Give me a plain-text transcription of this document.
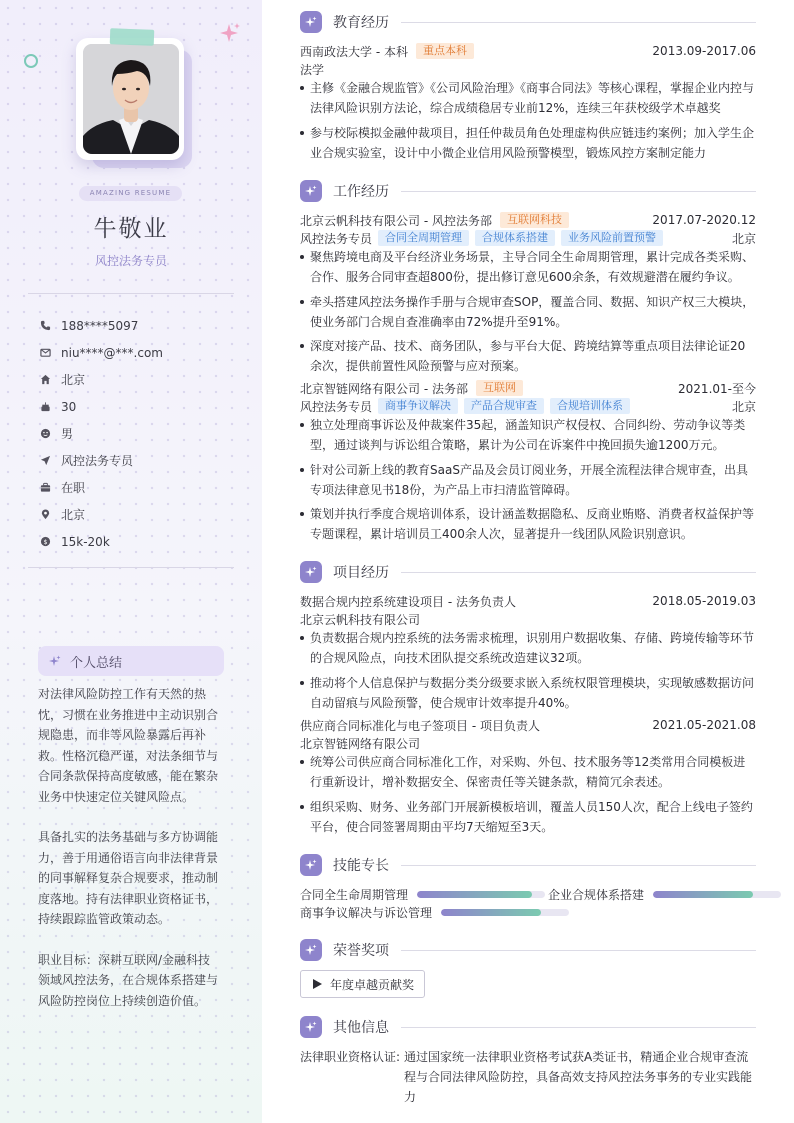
AMAZING RESUME
牛敬业
风控法务专员
188****5097
niu****@***.com
北京
30
男
风控法务专员
在职
北京
$ 15k-20k
个人总结

对法律风险防控工作有天然的热忱，习惯在业务推进中主动识别合规隐患，而非等风险暴露后再补救。性格沉稳严谨，对法条细节与合同条款保持高度敏感，能在繁杂业务中快速定位关键风险点。

具备扎实的法务基础与多方协调能力，善于用通俗语言向非法律背景的同事解释复杂合规要求，推动制度落地。持有法律职业资格证书，持续跟踪监管政策动态。

职业目标：深耕互联网/金融科技领域风控法务，在合规体系搭建与风险防控岗位上持续创造价值。

教育经历
西南政法大学 - 本科	重点本科	2013.09-2017.06
法学
主修《金融合规监管》《公司风险治理》《商事合同法》等核心课程，掌握企业内控与法律风险识别方法论，综合成绩稳居专业前12%，连续三年获校级学术卓越奖
参与校际模拟金融仲裁项目，担任仲裁员角色处理虚构供应链违约案例；加入学生企业合规实验室，设计中小微企业信用风险预警模型，锻炼风控方案制定能力
工作经历
北京云帆科技有限公司 - 风控法务部	互联网科技	2017.07-2020.12
风控法务专员	合同全周期管理	合规体系搭建	业务风险前置预警	北京
聚焦跨境电商及平台经济业务场景，主导合同全生命周期管理，累计完成各类采购、合作、服务合同审查超800份，提出修订意见600余条，有效规避潜在履约争议。
牵头搭建风控法务操作手册与合规审查SOP，覆盖合同、数据、知识产权三大模块，使业务部门合规自查准确率由72%提升至91%。
深度对接产品、技术、商务团队，参与平台大促、跨境结算等重点项目法律论证20余次，提供前置性风险预警与应对预案。
北京智链网络有限公司 - 法务部	互联网	2021.01-至今
风控法务专员	商事争议解决	产品合规审查	合规培训体系	北京
独立处理商事诉讼及仲裁案件35起，涵盖知识产权侵权、合同纠纷、劳动争议等类型，通过谈判与诉讼组合策略，累计为公司在诉案件中挽回损失逾1200万元。
针对公司新上线的教育SaaS产品及会员订阅业务，开展全流程法律合规审查，出具专项法律意见书18份，为产品上市扫清监管障碍。
策划并执行季度合规培训体系，设计涵盖数据隐私、反商业贿赂、消费者权益保护等专题课程，累计培训员工400余人次，显著提升一线团队风险识别意识。
项目经历
数据合规内控系统建设项目 - 法务负责人	2018.05-2019.03
北京云帆科技有限公司
负责数据合规内控系统的法务需求梳理，识别用户数据收集、存储、跨境传输等环节的合规风险点，向技术团队提交系统改造建议32项。
推动将个人信息保护与数据分类分级要求嵌入系统权限管理模块，实现敏感数据访问自动留痕与风险预警，使合规审计效率提升40%。
供应商合同标准化与电子签项目 - 项目负责人	2021.05-2021.08
北京智链网络有限公司
统筹公司供应商合同标准化工作，对采购、外包、技术服务等12类常用合同模板进行重新设计，增补数据安全、保密责任等关键条款，精简冗余表述。
组织采购、财务、业务部门开展新模板培训，覆盖人员150人次，配合上线电子签约平台，使合同签署周期由平均7天缩短至3天。
技能专长
合同全生命周期管理	企业合规体系搭建
商事争议解决与诉讼管理
荣誉奖项
年度卓越贡献奖
其他信息
法律职业资格认证: 通过国家统一法律职业资格考试获A类证书，精通企业合规审查流程与合同法律风险防控，具备高效支持风控法务事务的专业实践能力
